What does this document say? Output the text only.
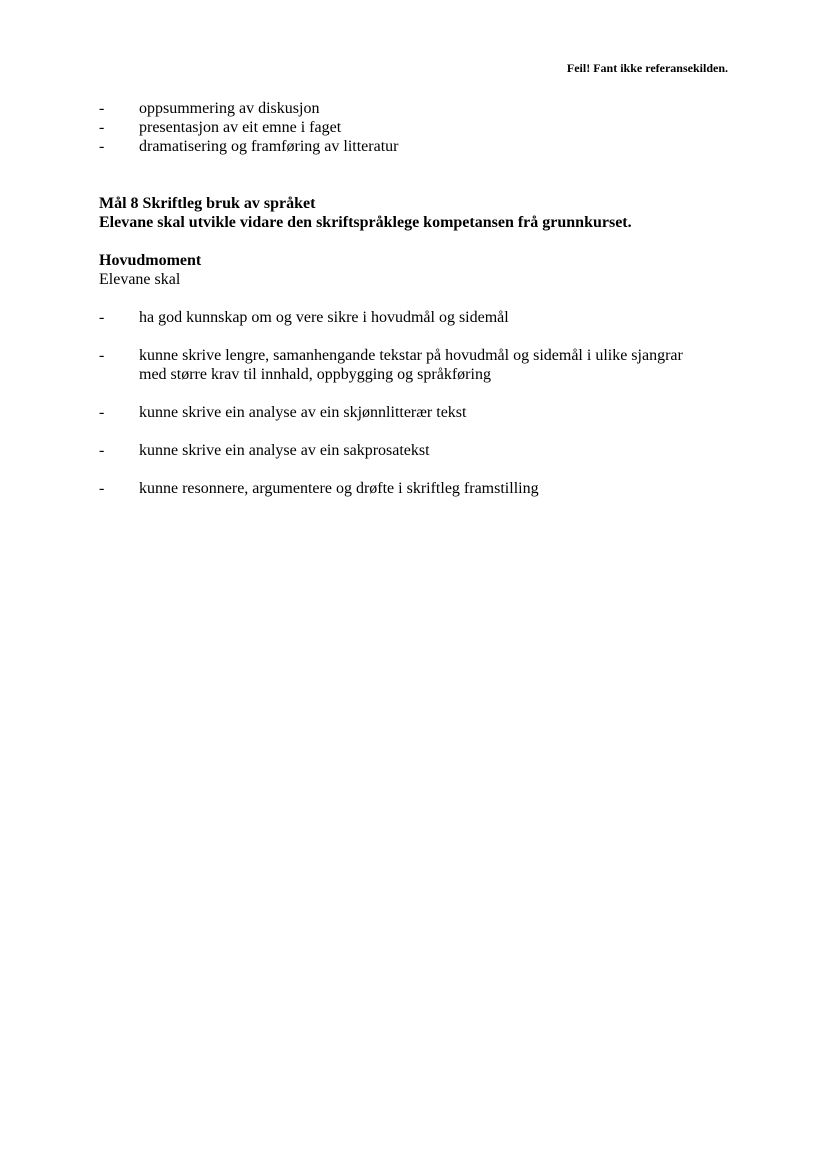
Feil! Fant ikke referansekilden.
-	oppsummering av diskusjon
-	presentasjon av eit emne i faget
-	dramatisering og framføring av litteratur
Mål 8 Skriftleg bruk av språket
Elevane skal utvikle vidare den skriftspråklege kompetansen frå grunnkurset.
Hovudmoment
Elevane skal
-	ha god kunnskap om og vere sikre i hovudmål og sidemål
-	kunne skrive lengre, samanhengande tekstar på hovudmål og sidemål i ulike sjangrar
med større krav til innhald, oppbygging og språkføring
-	kunne skrive ein analyse av ein skjønnlitterær tekst
-	kunne skrive ein analyse av ein sakprosatekst
-	kunne resonnere, argumentere og drøfte i skriftleg framstilling
